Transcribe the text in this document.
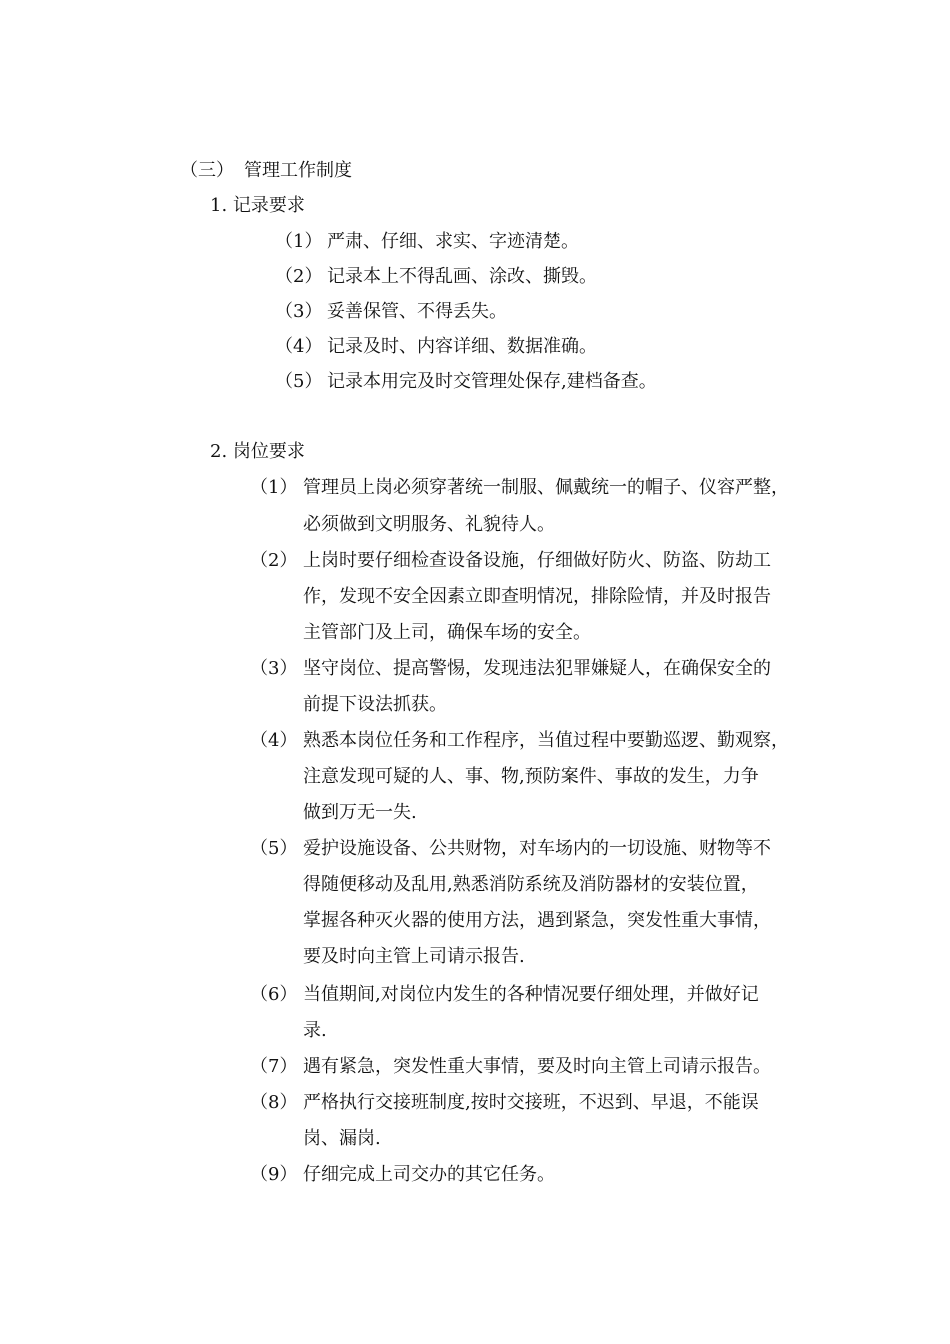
（三） 管理工作制度
1. 记录要求
（1） 严肃、仔细、求实、字迹清楚。
（2） 记录本上不得乱画、涂改、撕毁。
（3） 妥善保管、不得丢失。
（4） 记录及时、内容详细、数据准确。
（5） 记录本用完及时交管理处保存,建档备查。
2. 岗位要求
（1） 管理员上岗必须穿著统一制服、佩戴统一的帽子、仪容严整，
必须做到文明服务、礼貌待人。
（2） 上岗时要仔细检查设备设施，仔细做好防火、防盗、防劫工
作，发现不安全因素立即查明情况，排除险情，并及时报告
主管部门及上司，确保车场的安全。
（3） 坚守岗位、提高警惕，发现违法犯罪嫌疑人，在确保安全的
前提下设法抓获。
（4） 熟悉本岗位任务和工作程序，当值过程中要勤巡逻、勤观察，
注意发现可疑的人、事、物,预防案件、事故的发生，力争
做到万无一失.
（5） 爱护设施设备、公共财物，对车场内的一切设施、财物等不
得随便移动及乱用,熟悉消防系统及消防器材的安装位置，
掌握各种灭火器的使用方法，遇到紧急，突发性重大事情，
要及时向主管上司请示报告.
（6） 当值期间,对岗位内发生的各种情况要仔细处理，并做好记
录.
（7） 遇有紧急，突发性重大事情，要及时向主管上司请示报告。
（8） 严格执行交接班制度,按时交接班，不迟到、早退，不能误
岗、漏岗.
（9） 仔细完成上司交办的其它任务。
